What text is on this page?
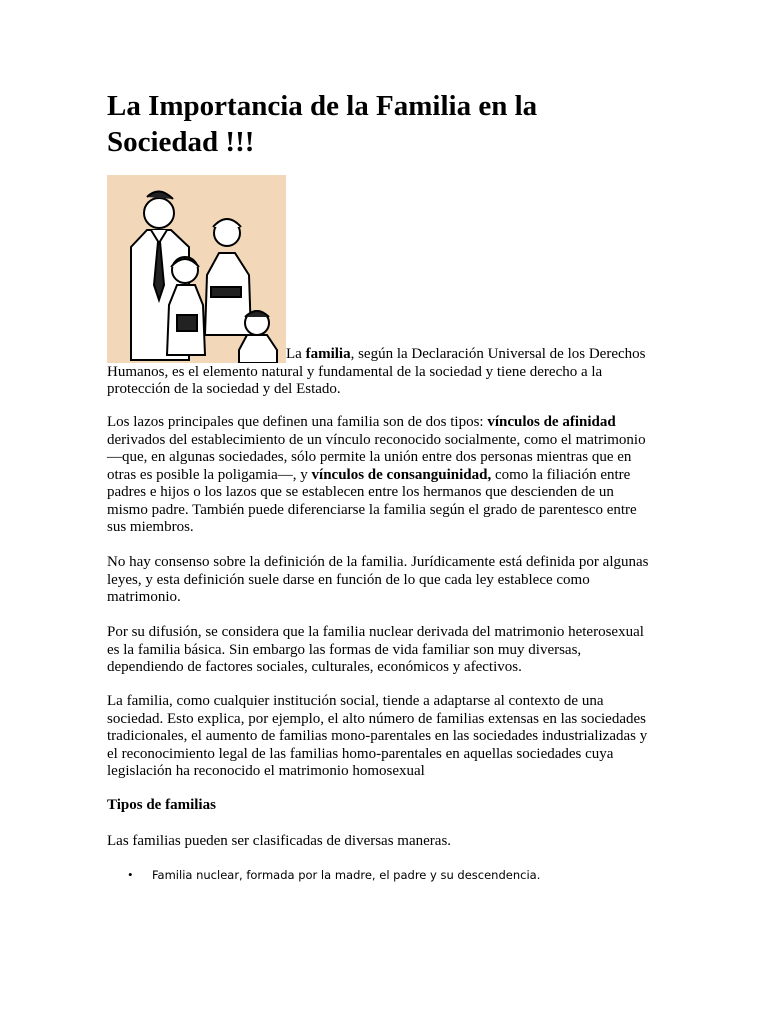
La Importancia de la Familia en la Sociedad !!!
La familia, según la Declaración Universal de los Derechos Humanos, es el elemento natural y fundamental de la sociedad y tiene derecho a la protección de la sociedad y del Estado.

Los lazos principales que definen una familia son de dos tipos: vínculos de afinidad derivados del establecimiento de un vínculo reconocido socialmente, como el matrimonio —que, en algunas sociedades, sólo permite la unión entre dos personas mientras que en otras es posible la poligamia—, y vínculos de consanguinidad, como la filiación entre padres e hijos o los lazos que se establecen entre los hermanos que descienden de un mismo padre. También puede diferenciarse la familia según el grado de parentesco entre sus miembros.

No hay consenso sobre la definición de la familia. Jurídicamente está definida por algunas leyes, y esta definición suele darse en función de lo que cada ley establece como matrimonio.

Por su difusión, se considera que la familia nuclear derivada del matrimonio heterosexual es la familia básica. Sin embargo las formas de vida familiar son muy diversas, dependiendo de factores sociales, culturales, económicos y afectivos.

La familia, como cualquier institución social, tiende a adaptarse al contexto de una sociedad. Esto explica, por ejemplo, el alto número de familias extensas en las sociedades tradicionales, el aumento de familias mono-parentales en las sociedades industrializadas y el reconocimiento legal de las familias homo-parentales en aquellas sociedades cuya legislación ha reconocido el matrimonio homosexual

Tipos de familias

Las familias pueden ser clasificadas de diversas maneras.

•	Familia nuclear, formada por la madre, el padre y su descendencia.
